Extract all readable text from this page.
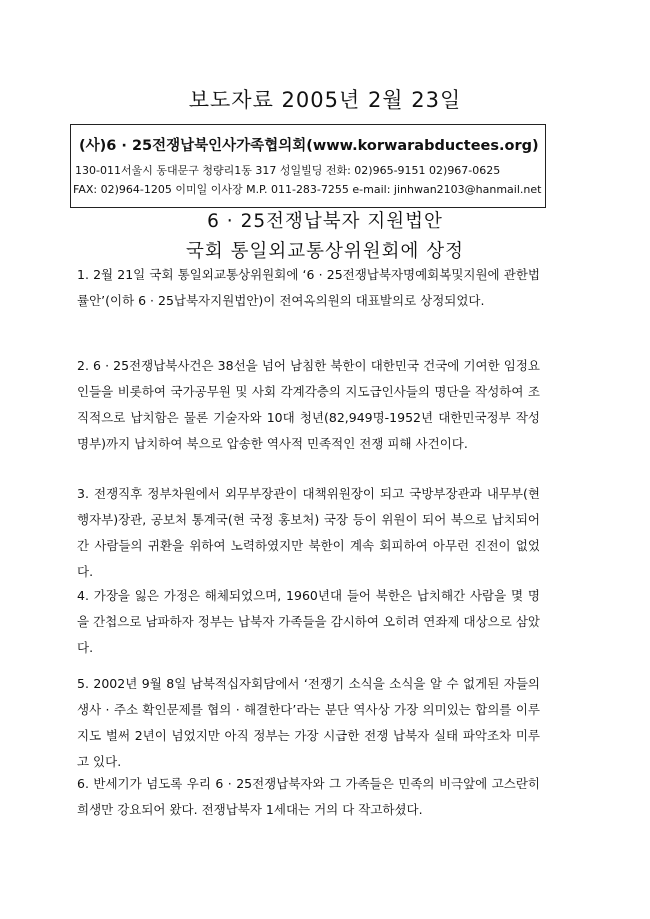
보도자료 2005년 2월 23일
(사)6 · 25전쟁납북인사가족협의회(www.korwarabductees.org)
130-011서울시 동대문구 청량리1동 317 성일빌딩 전화: 02)965-9151 02)967-0625
FAX: 02)964-1205 이미일 이사장 M.P. 011-283-7255 e-mail: jinhwan2103@hanmail.net
6 · 25전쟁납북자 지원법안
국회 통일외교통상위원회에 상정

1. 2월 21일 국회 통일외교통상위원회에 ‘6 · 25전쟁납북자명예회복및지원에 관한법률안’(이하 6 · 25납북자지원법안)이 전여옥의원의 대표발의로 상정되었다.

2. 6 · 25전쟁납북사건은 38선을 넘어 남침한 북한이 대한민국 건국에 기여한 임정요인들을 비롯하여 국가공무원 및 사회 각계각층의 지도급인사들의 명단을 작성하여 조직적으로 납치함은 물론 기술자와 10대 청년(82,949명-1952년 대한민국정부 작성 명부)까지 납치하여 북으로 압송한 역사적 민족적인 전쟁 피해 사건이다.

3. 전쟁직후 정부차원에서 외무부장관이 대책위원장이 되고 국방부장관과 내무부(현 행자부)장관, 공보처 통계국(현 국정 홍보처) 국장 등이 위원이 되어 북으로 납치되어간 사람들의 귀환을 위하여 노력하였지만 북한이 계속 회피하여 아무런 진전이 없었다.

4. 가장을 잃은 가정은 해체되었으며, 1960년대 들어 북한은 납치해간 사람을 몇 명을 간첩으로 남파하자 정부는 납북자 가족들을 감시하여 오히려 연좌제 대상으로 삼았다.

5. 2002년 9월 8일 남북적십자회담에서 ‘전쟁기 소식을 소식을 알 수 없게된 자들의 생사 · 주소 확인문제를 협의 · 해결한다’라는 분단 역사상 가장 의미있는 합의를 이루지도 벌써 2년이 넘었지만 아직 정부는 가장 시급한 전쟁 납북자 실태 파악조차 미루고 있다.

6. 반세기가 넘도록 우리 6 · 25전쟁납북자와 그 가족들은 민족의 비극앞에 고스란히 희생만 강요되어 왔다. 전쟁납북자 1세대는 거의 다 작고하셨다.
